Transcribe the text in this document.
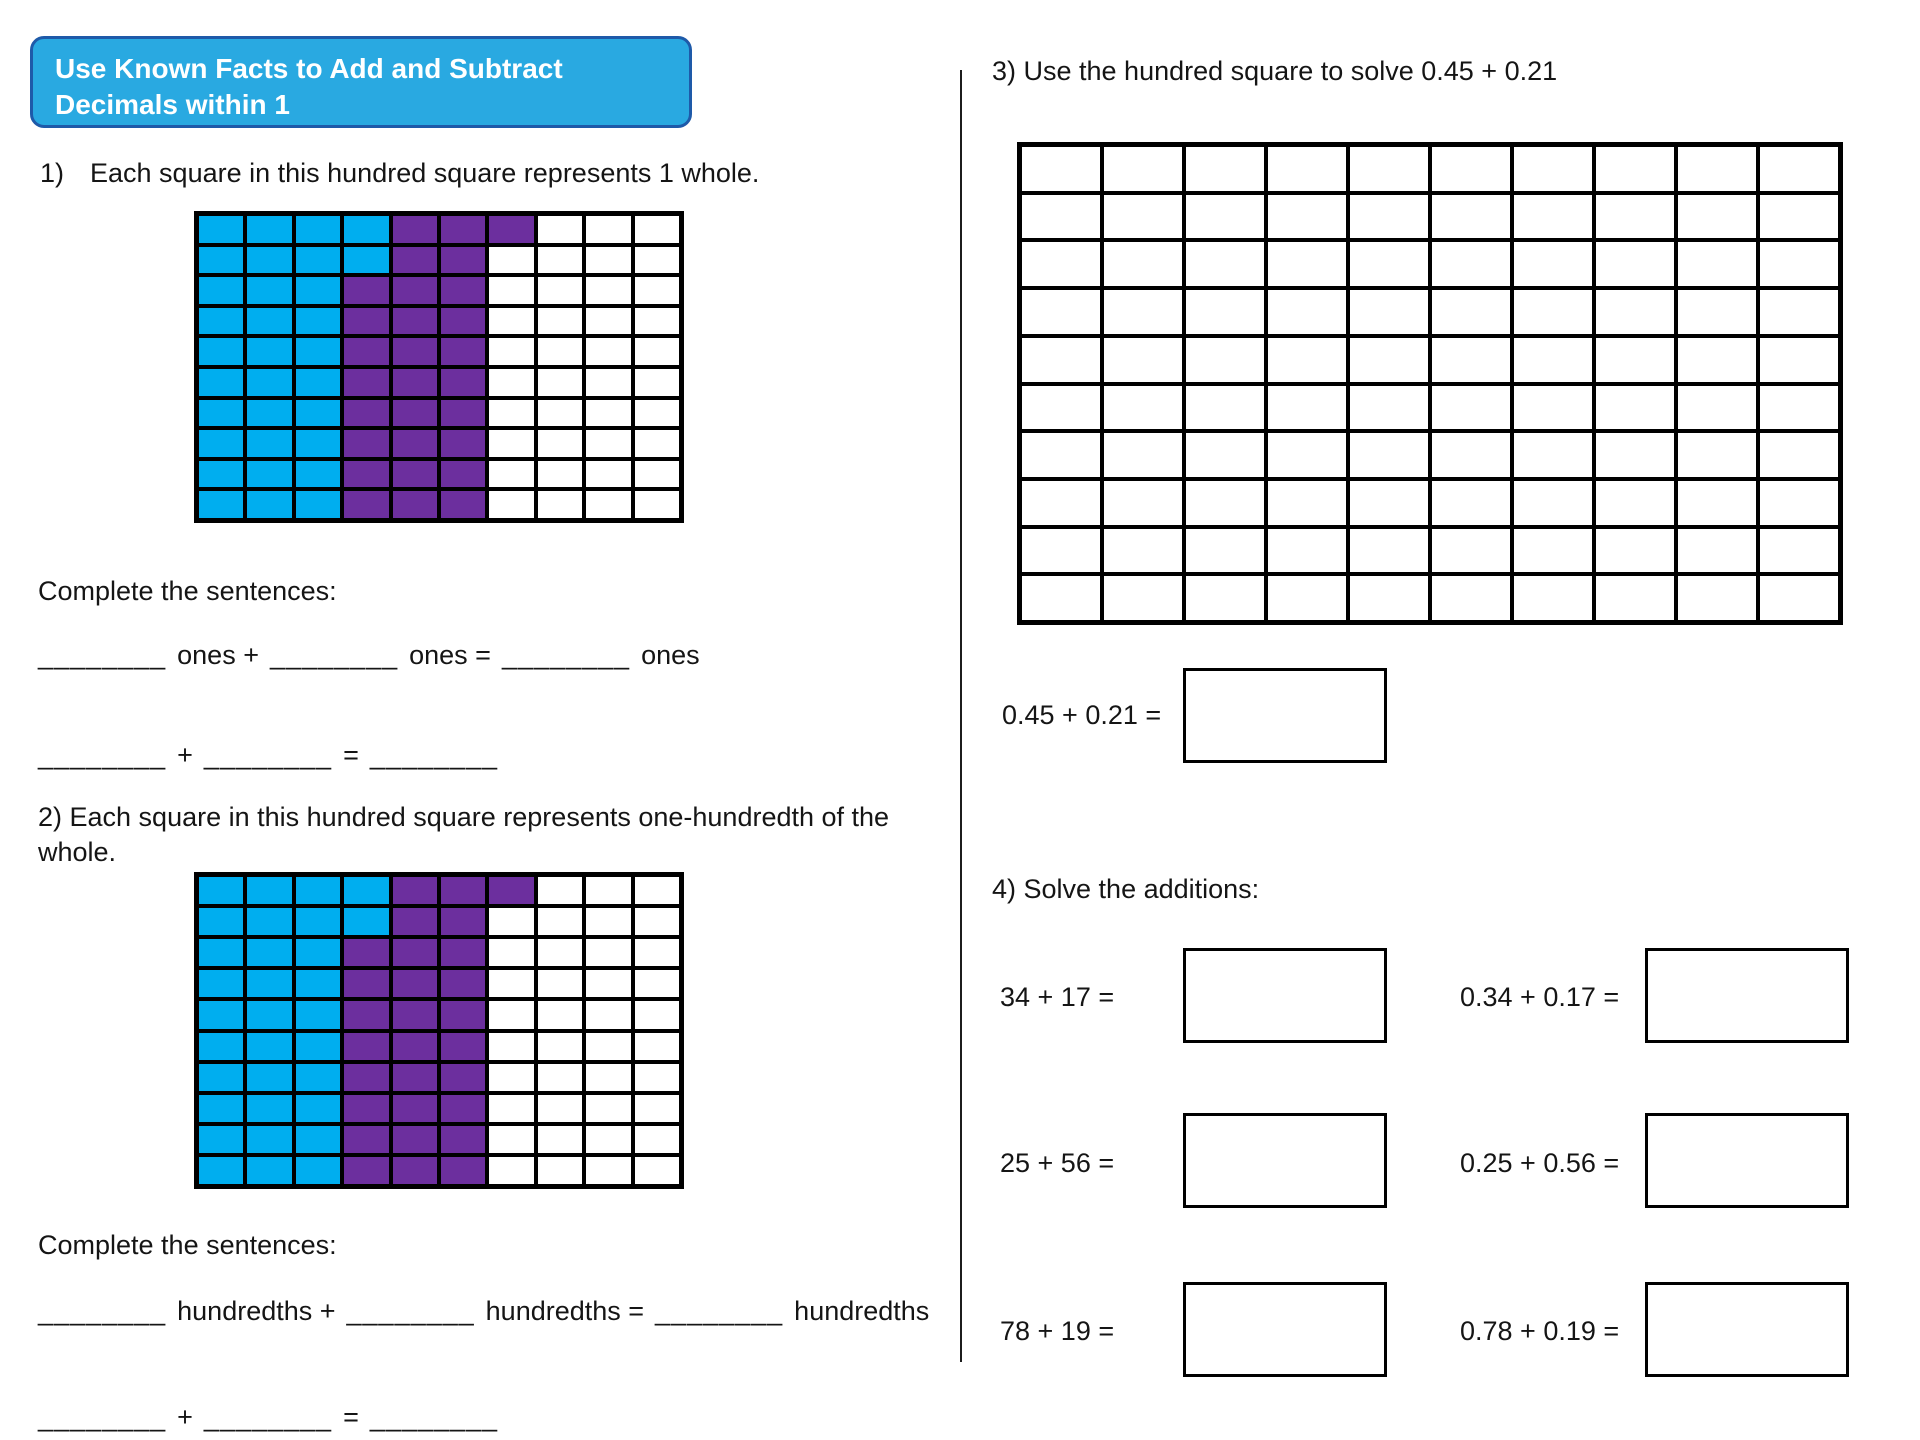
Use Known Facts to Add and Subtract
Decimals within 1
1) Each square in this hundred square represents 1 whole.
Complete the sentences:
________ ones + ________ ones = ________ ones
________ + ________ = ________
2) Each square in this hundred square represents one-hundredth of the whole.
Complete the sentences:
________ hundredths + ________ hundredths = ________ hundredths
________ + ________ = ________
3) Use the hundred square to solve 0.45 + 0.21
0.45 + 0.21 =
4) Solve the additions:
34 + 17 =	0.34 + 0.17 =
25 + 56 =	0.25 + 0.56 =
78 + 19 =	0.78 + 0.19 =
